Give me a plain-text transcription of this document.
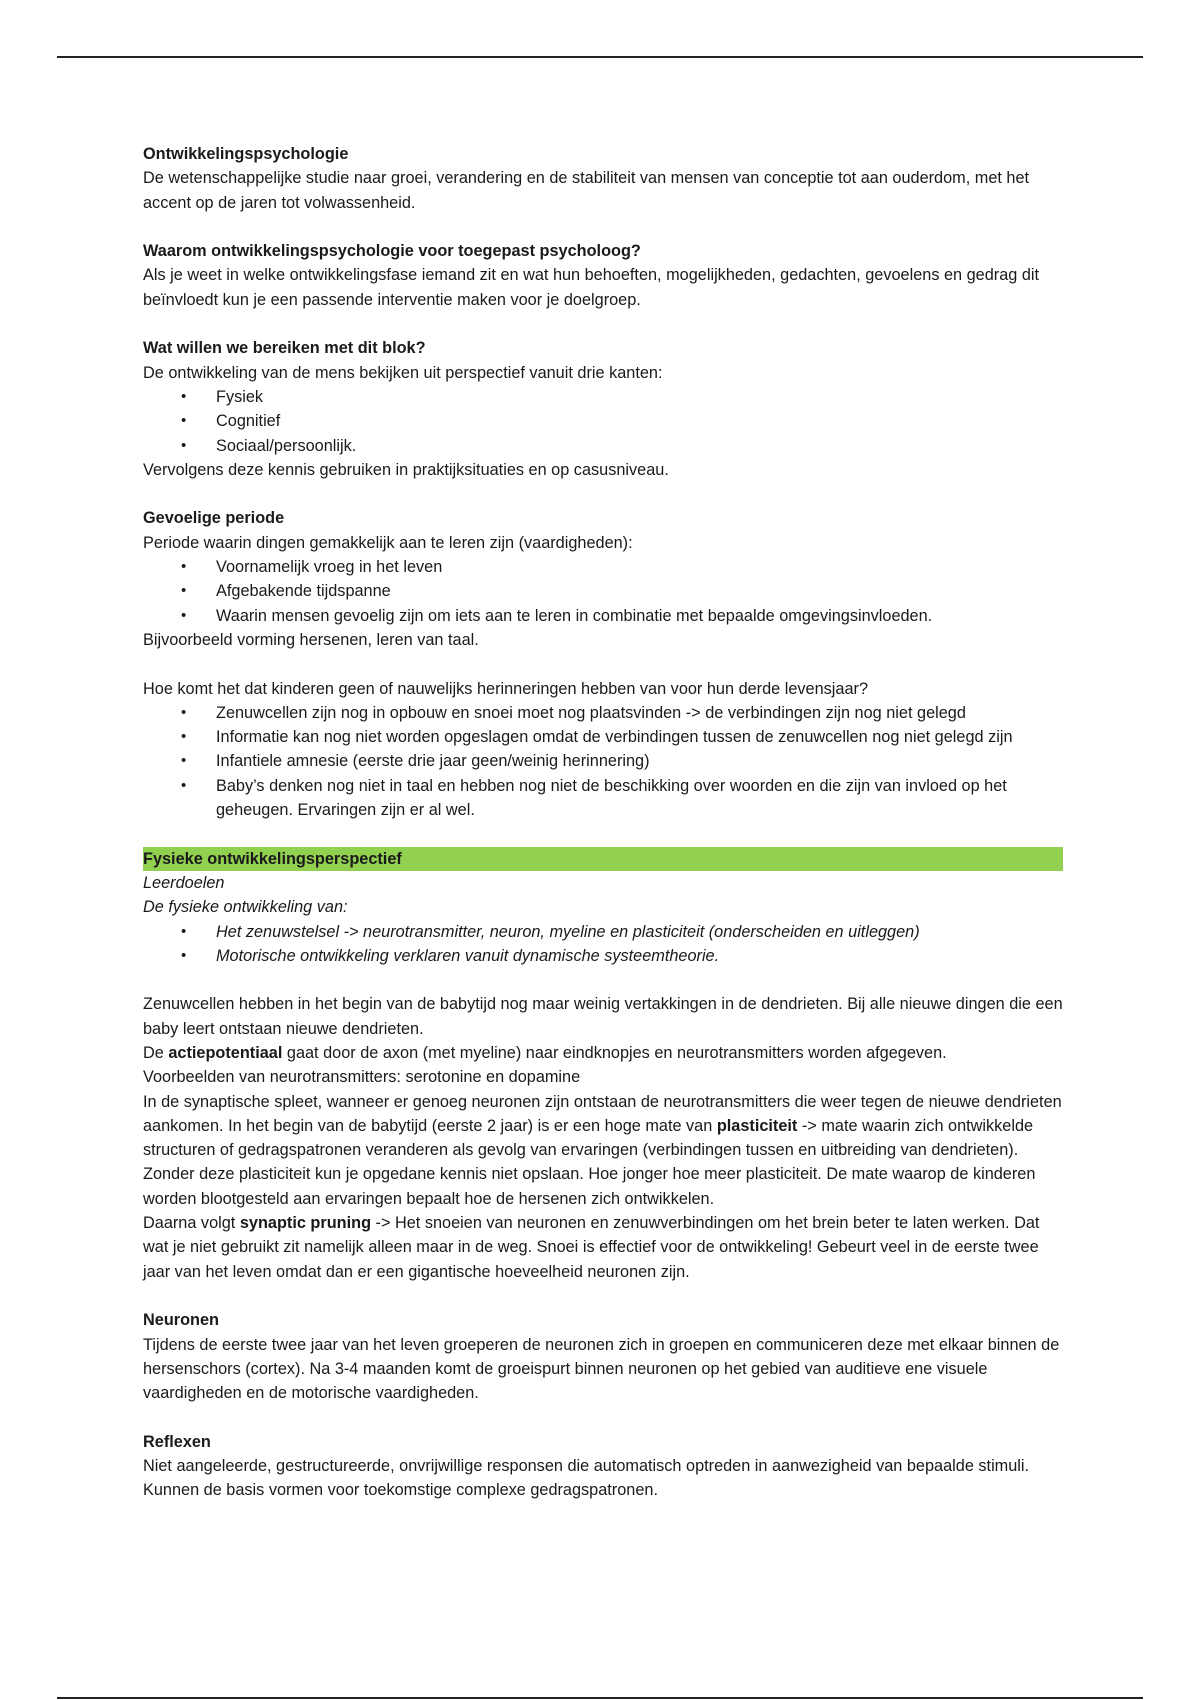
Ontwikkelingspsychologie

De wetenschappelijke studie naar groei, verandering en de stabiliteit van mensen van conceptie tot aan ouderdom, met het accent op de jaren tot volwassenheid.

Waarom ontwikkelingspsychologie voor toegepast psycholoog?

Als je weet in welke ontwikkelingsfase iemand zit en wat hun behoeften, mogelijkheden, gedachten, gevoelens en gedrag dit beïnvloedt kun je een passende interventie maken voor je doelgroep.

Wat willen we bereiken met dit blok?

De ontwikkeling van de mens bekijken uit perspectief vanuit drie kanten:

• Fysiek
• Cognitief
• Sociaal/persoonlijk.

Vervolgens deze kennis gebruiken in praktijksituaties en op casusniveau.

Gevoelige periode

Periode waarin dingen gemakkelijk aan te leren zijn (vaardigheden):

• Voornamelijk vroeg in het leven
• Afgebakende tijdspanne
• Waarin mensen gevoelig zijn om iets aan te leren in combinatie met bepaalde omgevingsinvloeden.

Bijvoorbeeld vorming hersenen, leren van taal.

Hoe komt het dat kinderen geen of nauwelijks herinneringen hebben van voor hun derde levensjaar?

• Zenuwcellen zijn nog in opbouw en snoei moet nog plaatsvinden -> de verbindingen zijn nog niet gelegd
• Informatie kan nog niet worden opgeslagen omdat de verbindingen tussen de zenuwcellen nog niet gelegd zijn
• Infantiele amnesie (eerste drie jaar geen/weinig herinnering)
• Baby’s denken nog niet in taal en hebben nog niet de beschikking over woorden en die zijn van invloed op het geheugen. Ervaringen zijn er al wel.

Fysieke ontwikkelingsperspectief

Leerdoelen

De fysieke ontwikkeling van:

• Het zenuwstelsel -> neurotransmitter, neuron, myeline en plasticiteit (onderscheiden en uitleggen)
• Motorische ontwikkeling verklaren vanuit dynamische systeemtheorie.

Zenuwcellen hebben in het begin van de babytijd nog maar weinig vertakkingen in de dendrieten. Bij alle nieuwe dingen die een baby leert ontstaan nieuwe dendrieten.

De actiepotentiaal gaat door de axon (met myeline) naar eindknopjes en neurotransmitters worden afgegeven.

Voorbeelden van neurotransmitters: serotonine en dopamine

In de synaptische spleet, wanneer er genoeg neuronen zijn ontstaan de neurotransmitters die weer tegen de nieuwe dendrieten aankomen. In het begin van de babytijd (eerste 2 jaar) is er een hoge mate van plasticiteit -> mate waarin zich ontwikkelde structuren of gedragspatronen veranderen als gevolg van ervaringen (verbindingen tussen en uitbreiding van dendrieten). Zonder deze plasticiteit kun je opgedane kennis niet opslaan. Hoe jonger hoe meer plasticiteit. De mate waarop de kinderen worden blootgesteld aan ervaringen bepaalt hoe de hersenen zich ontwikkelen.

Daarna volgt synaptic pruning -> Het snoeien van neuronen en zenuwverbindingen om het brein beter te laten werken. Dat wat je niet gebruikt zit namelijk alleen maar in de weg. Snoei is effectief voor de ontwikkeling! Gebeurt veel in de eerste twee jaar van het leven omdat dan er een gigantische hoeveelheid neuronen zijn.

Neuronen

Tijdens de eerste twee jaar van het leven groeperen de neuronen zich in groepen en communiceren deze met elkaar binnen de hersenschors (cortex). Na 3-4 maanden komt de groeispurt binnen neuronen op het gebied van auditieve ene visuele vaardigheden en de motorische vaardigheden.

Reflexen

Niet aangeleerde, gestructureerde, onvrijwillige responsen die automatisch optreden in aanwezigheid van bepaalde stimuli. Kunnen de basis vormen voor toekomstige complexe gedragspatronen.
